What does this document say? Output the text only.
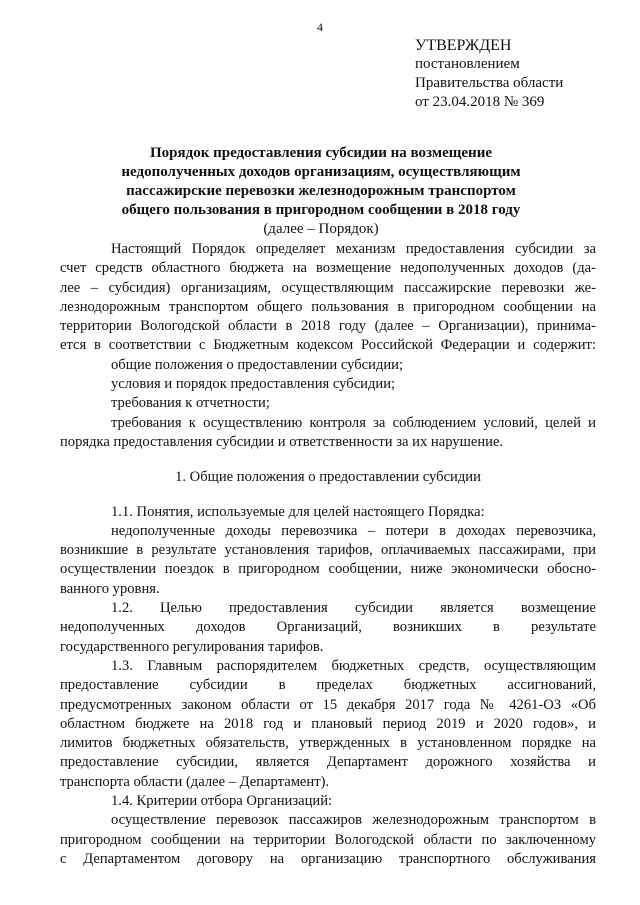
4
УТВЕРЖДЕН
постановлением
Правительства области
от 23.04.2018 № 369
Порядок предоставления субсидии на возмещение
недополученных доходов организациям, осуществляющим
пассажирские перевозки железнодорожным транспортом
общего пользования в пригородном сообщении в 2018 году
(далее – Порядок)
Настоящий Порядок определяет механизм предоставления субсидии за
счет средств областного бюджета на возмещение недополученных доходов (да-
лее – субсидия) организациям, осуществляющим пассажирские перевозки же-
лезнодорожным транспортом общего пользования в пригородном сообщении на
территории Вологодской области в 2018 году (далее – Организации), принима-
ется в соответствии с Бюджетным кодексом Российской Федерации и содержит:
общие положения о предоставлении субсидии;
условия и порядок предоставления субсидии;
требования к отчетности;
требования к осуществлению контроля за соблюдением условий, целей и
порядка предоставления субсидии и ответственности за их нарушение.
1. Общие положения о предоставлении субсидии
1.1. Понятия, используемые для целей настоящего Порядка:
недополученные доходы перевозчика – потери в доходах перевозчика,
возникшие в результате установления тарифов, оплачиваемых пассажирами, при
осуществлении поездок в пригородном сообщении, ниже экономически обосно-
ванного уровня.
1.2.      Целью      предоставления      субсидии      является      возмещение
недополученных      доходов      Организаций,      возникших      в      результате
государственного регулирования тарифов.
1.3. Главным распорядителем бюджетных средств, осуществляющим
предоставление     субсидии     в     пределах     бюджетных     ассигнований,
предусмотренных законом области от 15 декабря 2017 года № 4261-ОЗ «Об
областном бюджете на 2018 год и плановый период 2019 и 2020 годов», и
лимитов бюджетных обязательств, утвержденных в установленном порядке на
предоставление субсидии, является Департамент дорожного хозяйства и
транспорта области (далее – Департамент).
1.4. Критерии отбора Организаций:
осуществление перевозок пассажиров железнодорожным транспортом в
пригородном сообщении на территории Вологодской области по заключенному
с Департаментом договору на организацию транспортного обслуживания
